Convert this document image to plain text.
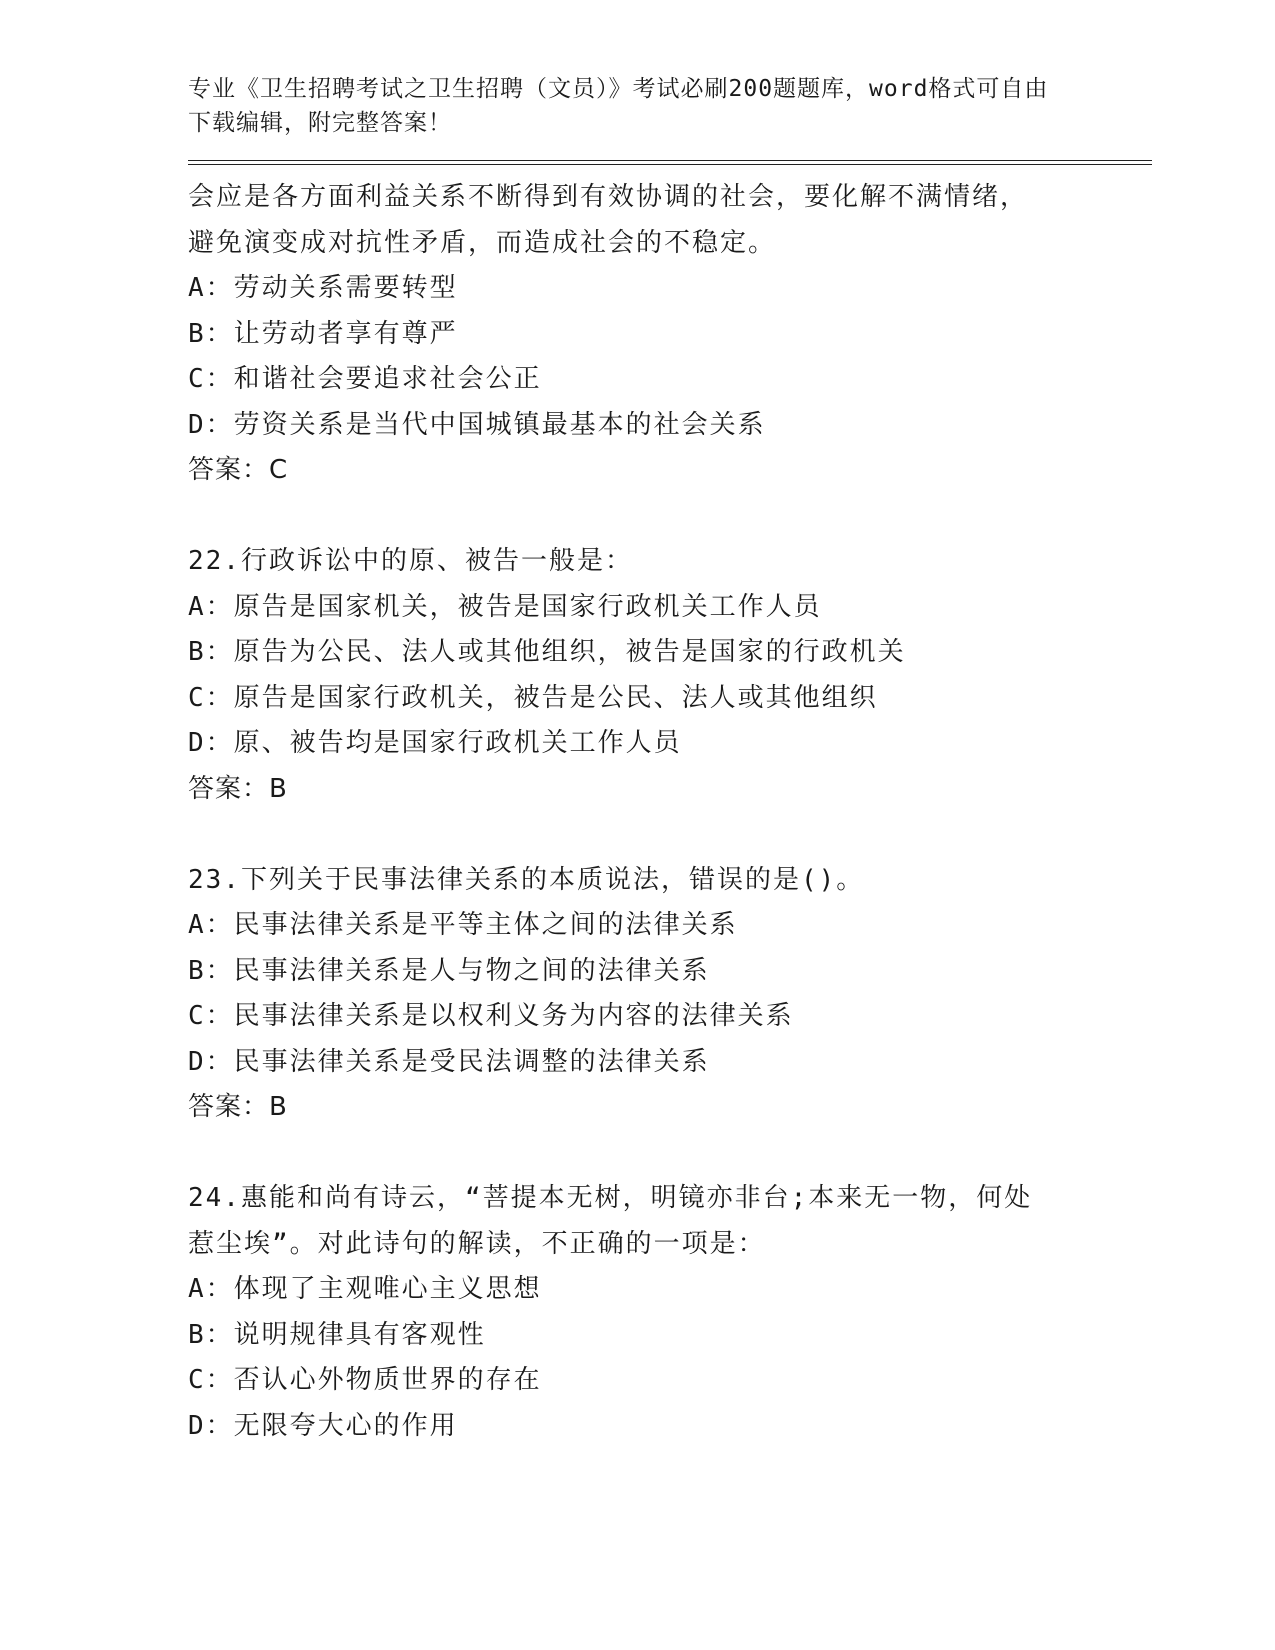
专业《卫生招聘考试之卫生招聘（文员）》考试必刷200题题库，word格式可自由下载编辑，附完整答案！

会应是各方面利益关系不断得到有效协调的社会，要化解不满情绪，
避免演变成对抗性矛盾，而造成社会的不稳定。
A：劳动关系需要转型
B：让劳动者享有尊严
C：和谐社会要追求社会公正
D：劳资关系是当代中国城镇最基本的社会关系
答案：C
22.行政诉讼中的原、被告一般是：
A：原告是国家机关，被告是国家行政机关工作人员
B：原告为公民、法人或其他组织，被告是国家的行政机关
C：原告是国家行政机关，被告是公民、法人或其他组织
D：原、被告均是国家行政机关工作人员
答案：B
23.下列关于民事法律关系的本质说法，错误的是()。
A：民事法律关系是平等主体之间的法律关系
B：民事法律关系是人与物之间的法律关系
C：民事法律关系是以权利义务为内容的法律关系
D：民事法律关系是受民法调整的法律关系
答案：B
24.惠能和尚有诗云，“菩提本无树，明镜亦非台;本来无一物，何处
惹尘埃”。对此诗句的解读，不正确的一项是：
A：体现了主观唯心主义思想
B：说明规律具有客观性
C：否认心外物质世界的存在
D：无限夸大心的作用
